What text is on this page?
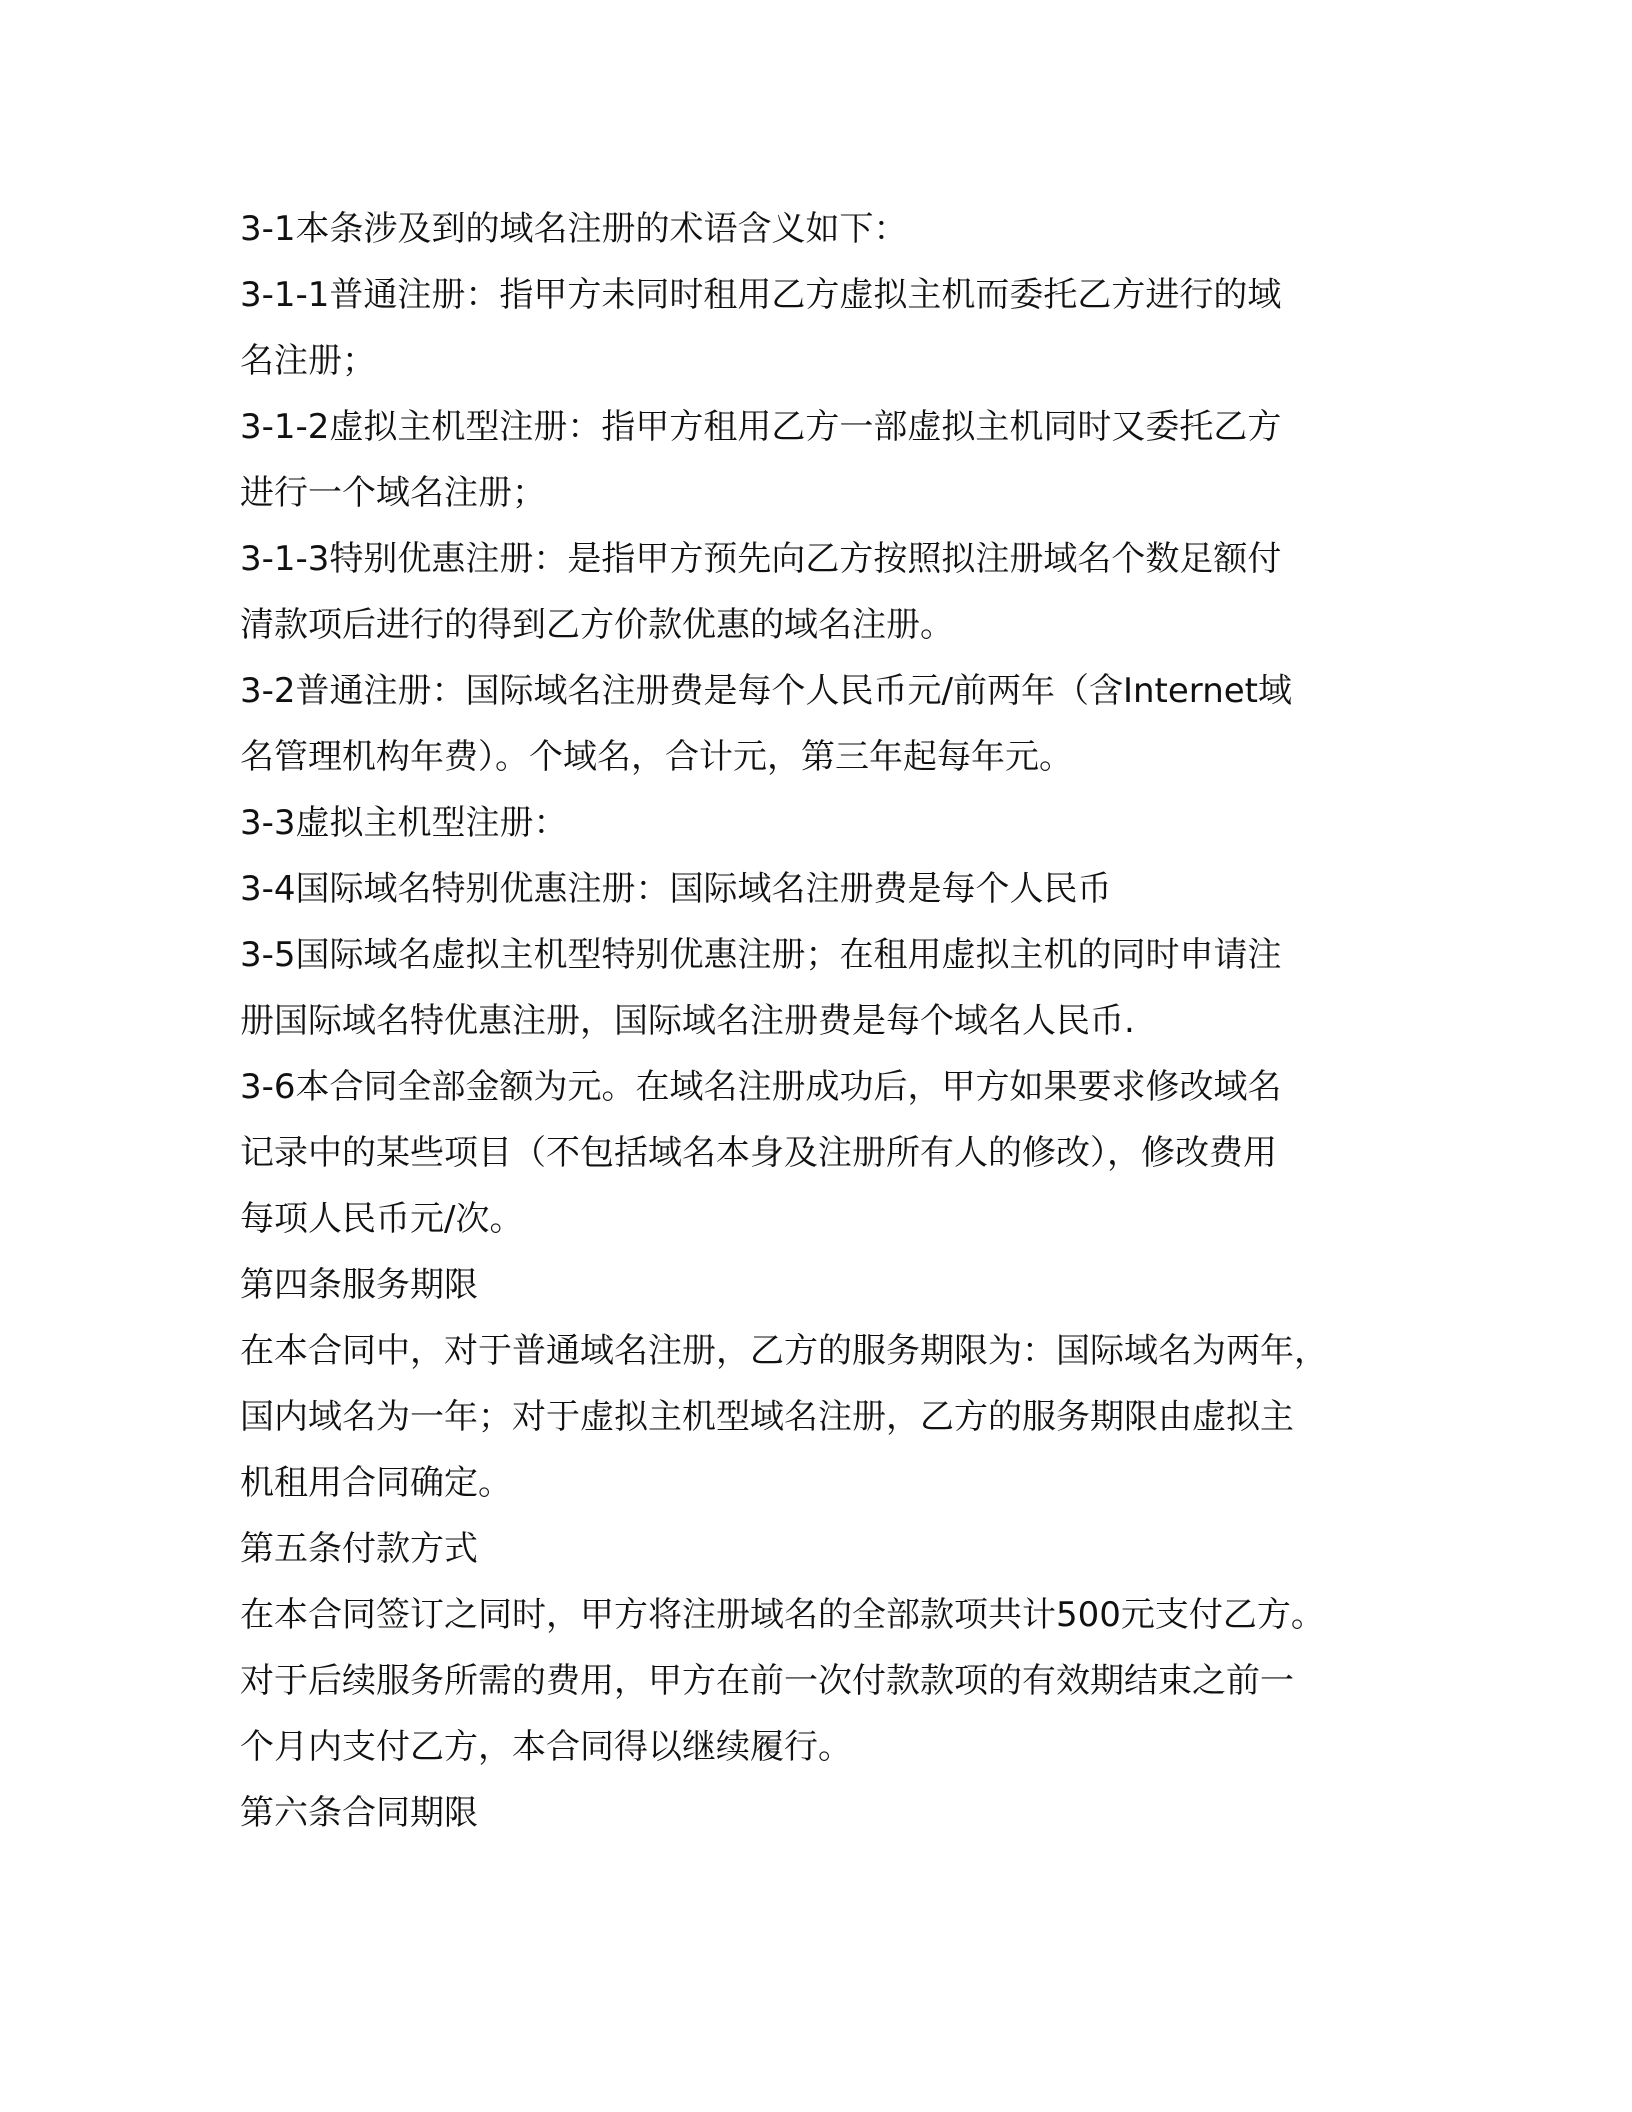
3-1本条涉及到的域名注册的术语含义如下：
3-1-1普通注册：指甲方未同时租用乙方虚拟主机而委托乙方进行的域
名注册；
3-1-2虚拟主机型注册：指甲方租用乙方一部虚拟主机同时又委托乙方
进行一个域名注册；
3-1-3特别优惠注册：是指甲方预先向乙方按照拟注册域名个数足额付
清款项后进行的得到乙方价款优惠的域名注册。
3-2普通注册：国际域名注册费是每个人民币元/前两年（含Internet域
名管理机构年费）。个域名，合计元，第三年起每年元。
3-3虚拟主机型注册：
3-4国际域名特别优惠注册：国际域名注册费是每个人民币
3-5国际域名虚拟主机型特别优惠注册；在租用虚拟主机的同时申请注
册国际域名特优惠注册，国际域名注册费是每个域名人民币.
3-6本合同全部金额为元。在域名注册成功后，甲方如果要求修改域名
记录中的某些项目（不包括域名本身及注册所有人的修改），修改费用
每项人民币元/次。
第四条服务期限
在本合同中，对于普通域名注册，乙方的服务期限为：国际域名为两年，
国内域名为一年；对于虚拟主机型域名注册，乙方的服务期限由虚拟主
机租用合同确定。
第五条付款方式
在本合同签订之同时，甲方将注册域名的全部款项共计500元支付乙方。
对于后续服务所需的费用，甲方在前一次付款款项的有效期结束之前一
个月内支付乙方，本合同得以继续履行。
第六条合同期限
